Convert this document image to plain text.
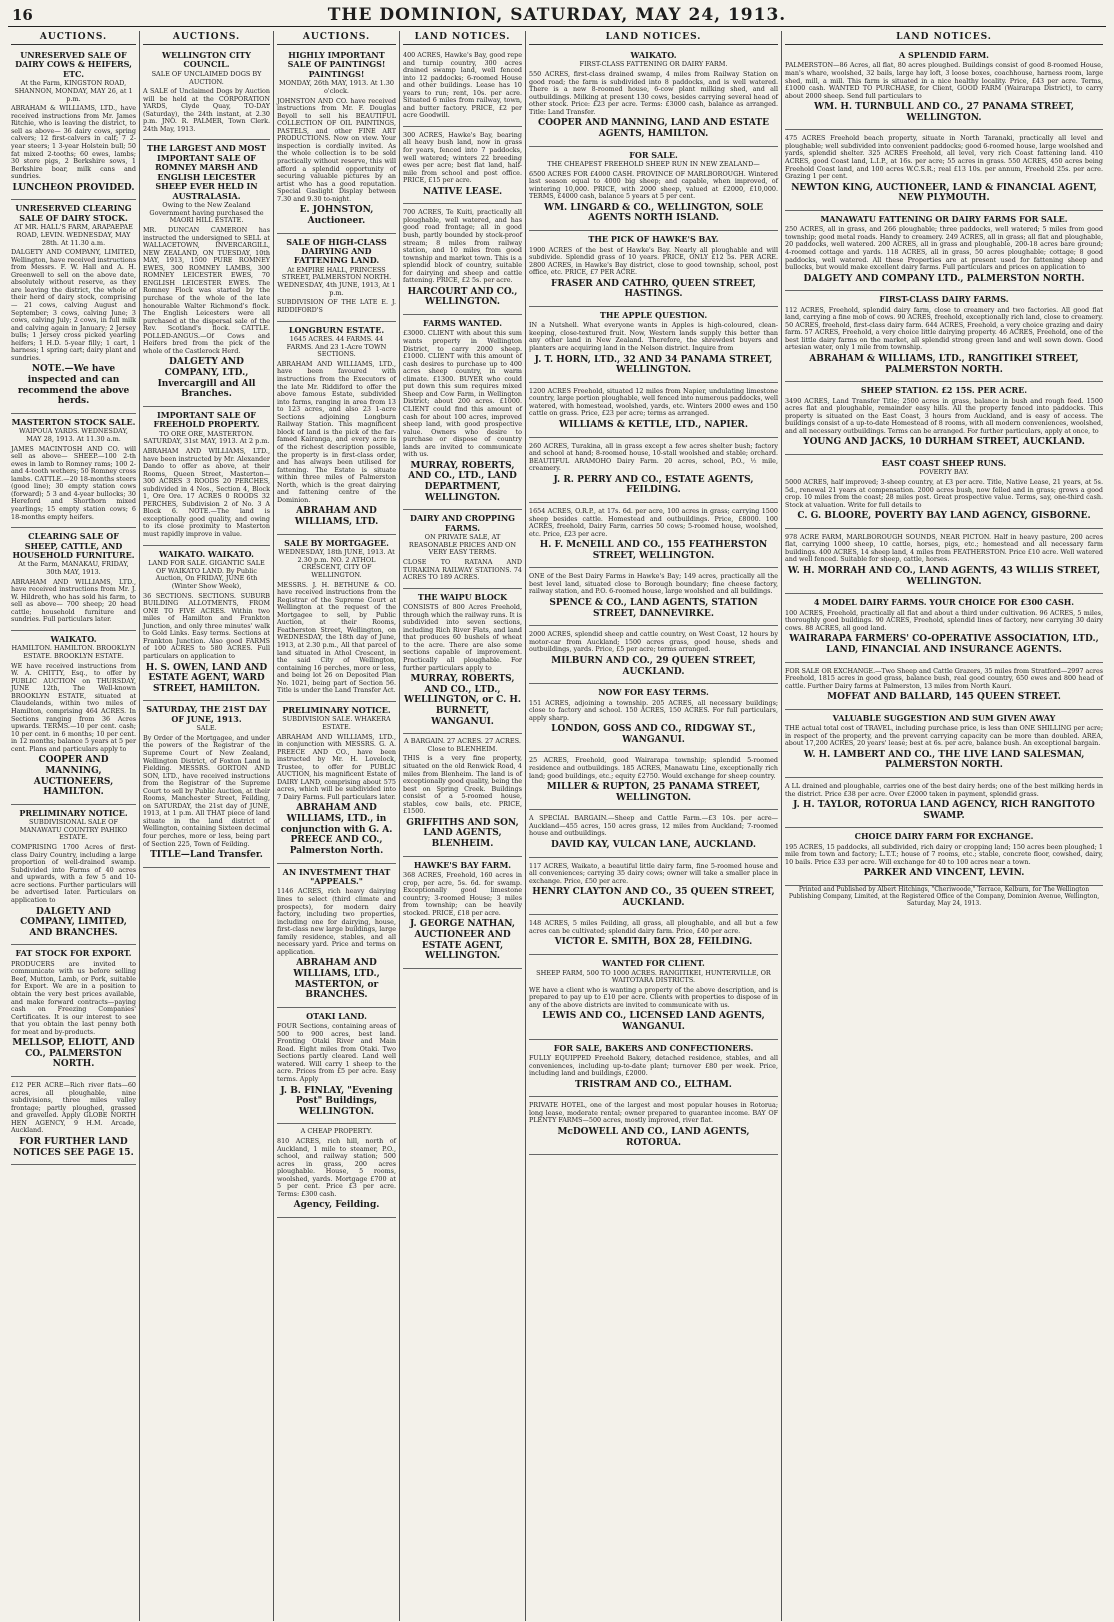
16	THE DOMINION, SATURDAY, MAY 24, 1913.
AUCTIONS.
UNRESERVED SALE OF DAIRY COWS & HEIFERS, ETC.
At the Farm, KINGSTON ROAD, SHANNON, MONDAY, MAY 26, at 1 p.m.
ABRAHAM & WILLIAMS, LTD., have received instructions from Mr. James Ritchie, who is leaving the district, to sell as above— 36 dairy cows, spring calvers; 12 first-calvers in calf; 7 2-year steers; 1 3-year Holstein bull; 50 fat mixed 2-tooths; 60 ewes, lambs; 30 store pigs, 2 Berkshire sows, 1 Berkshire boar, milk cans and sundries.
LUNCHEON PROVIDED.
UNRESERVED CLEARING SALE OF DAIRY STOCK.
AT MR. HALL'S FARM, ARAPAEPAE ROAD, LEVIN. WEDNESDAY, MAY 28th. At 11.30 a.m.
DALGETY AND COMPANY, LIMITED, Wellington, have received instructions from Messrs. F. W. Hall and A. H. Greenwell to sell on the above date, absolutely without reserve, as they are leaving the district, the whole of their herd of dairy stock, comprising— 21 cows, calving August and September; 3 cows, calving June; 3 cows, calving July; 2 cows, in full milk and calving again in January; 2 Jersey bulls; 1 Jersey cross picked yearling heifers; 1 H.D. 5-year filly; 1 cart, 1 harness; 1 spring cart; dairy plant and sundries.
NOTE.—We have inspected and can recommend the above herds.
MASTERTON STOCK SALE.
WAIPOUA YARDS. WEDNESDAY, MAY 28, 1913. At 11.30 a.m.
JAMES MACINTOSH AND CO. will sell as above— SHEEP.—100 2-th ewes in lamb to Romney rams; 100 2-and 4-tooth wethers; 50 Romney cross lambs. CATTLE.—20 18-months steers (good line); 30 empty station cows (forward); 5 3 and 4-year bullocks; 30 Hereford and Shorthorn mixed yearlings; 15 empty station cows; 6 18-months empty heifers.
CLEARING SALE OF SHEEP, CATTLE, AND HOUSEHOLD FURNITURE.
At the Farm, MANAKAU, FRIDAY, 30th MAY, 1913.
ABRAHAM AND WILLIAMS, LTD., have received instructions from Mr. J. W. Hildreth, who has sold his farm, to sell as above— 700 sheep; 20 head cattle; household furniture and sundries. Full particulars later.
WAIKATO.
HAMILTON. HAMILTON. BROOKLYN ESTATE. BROOKLYN ESTATE.
WE have received instructions from W. A. CHITTY, Esq., to offer by PUBLIC AUCTION on THURSDAY, JUNE 12th, The Well-known BROOKLYN ESTATE, situated at Claudelands, within two miles of Hamilton, comprising 464 ACRES. In Sections ranging from 36 Acres upwards. TERMS.—10 per cent. cash; 10 per cent. in 6 months; 10 per cent. in 12 months; balance 5 years at 5 per cent. Plans and particulars apply to
COOPER AND MANNING, AUCTIONEERS, HAMILTON.
PRELIMINARY NOTICE.
SUBDIVISIONAL SALE OF MANAWATU COUNTRY PAHIKO ESTATE.
COMPRISING 1700 Acres of first-class Dairy Country, including a large proportion of well-drained swamp. Subdivided into Farms of 40 acres and upwards, with a few 5 and 10-acre sections. Further particulars will be advertised later. Particulars on application to
DALGETY AND COMPANY, LIMITED, AND BRANCHES.
FAT STOCK FOR EXPORT.
PRODUCERS are invited to communicate with us before selling Beef, Mutton, Lamb, or Pork, suitable for Export. We are in a position to obtain the very best prices available, and make forward contracts—paying cash on Freezing Companies' Certificates. It is our interest to see that you obtain the last penny both for meat and by-products.
MELLSOP, ELIOTT, AND CO., PALMERSTON NORTH.
£12 PER ACRE—Rich river flats—60 acres, all ploughable, nine subdivisions, three miles valley frontage; partly ploughed, grassed and gravelled. Apply GLOBE NORTH HEN AGENCY, 9 H.M. Arcade, Auckland.
FOR FURTHER LAND NOTICES SEE PAGE 15.
AUCTIONS.
WELLINGTON CITY COUNCIL.
SALE OF UNCLAIMED DOGS BY AUCTION.
A SALE of Unclaimed Dogs by Auction will be held at the CORPORATION YARDS, Clyde Quay, TO-DAY (Saturday), the 24th instant, at 2.30 p.m. JNO. R. PALMER, Town Clerk. 24th May, 1913.
THE LARGEST AND MOST IMPORTANT SALE OF ROMNEY MARSH AND ENGLISH LEICESTER SHEEP EVER HELD IN AUSTRALASIA.
Owing to the New Zealand Government having purchased the MAORI HILL ESTATE.
MR. DUNCAN CAMERON has instructed the undersigned to SELL at WALLACETOWN, INVERCARGILL, NEW ZEALAND, ON TUESDAY, 10th MAY, 1913, 1500 PURE ROMNEY EWES, 300 ROMNEY LAMBS, 300 ROMNEY LEICESTER EWES, 70 ENGLISH LEICESTER EWES. The Romney Flock was started by the purchase of the whole of the late honourable Walter Richmond's flock. The English Leicesters were all purchased at the dispersal sale of the Rev. Scotland's flock. CATTLE. POLLED-ANGUS.—Of Cows and Heifers bred from the pick of the whole of the Castlerock Herd.
DALGETY AND COMPANY, LTD., Invercargill and All Branches.
IMPORTANT SALE OF FREEHOLD PROPERTY.
TO ORE ORE, MASTERTON. SATURDAY, 31st MAY, 1913. At 2 p.m.
ABRAHAM AND WILLIAMS, LTD., have been instructed by Mr. Alexander Dando to offer as above, at their Rooms, Queen Street, Masterton— 300 ACRES 3 ROODS 20 PERCHES, subdivided in 4 Nos., Section 4, Block 1, Ore Ore. 17 ACRES 0 ROODS 32 PERCHES, Subdivision 2 of No. 3 A Block 6. NOTE.—The land is exceptionally good quality, and owing to its close proximity to Masterton must rapidly improve in value.
WAIKATO. WAIKATO.
LAND FOR SALE. GIGANTIC SALE OF WAIKATO LAND. By Public Auction, On FRIDAY, JUNE 6th (Winter Show Week),
36 SECTIONS. SECTIONS. SUBURB BUILDING ALLOTMENTS, FROM ONE TO FIVE ACRES. Within two miles of Hamilton and Frankton Junction, and only three minutes' walk to Gold Links. Easy terms. Sections at Frankton Junction. Also good FARMS of 100 ACRES to 580 ACRES. Full particulars on application to
H. S. OWEN, LAND AND ESTATE AGENT, WARD STREET, HAMILTON.
SATURDAY, THE 21ST DAY OF JUNE, 1913.
SALE.
By Order of the Mortgagee, and under the powers of the Registrar of the Supreme Court of New Zealand, Wellington District, of Foxton Land in Fielding. MESSRS. GORTON AND SON, LTD., have received instructions from the Registrar of the Supreme Court to sell by Public Auction, at their Rooms, Manchester Street, Feilding, on SATURDAY, the 21st day of JUNE, 1913, at 1 p.m. All THAT piece of land situate in the land district of Wellington, containing Sixteen decimal four perches, more or less, being part of Section 225, Town of Feilding.
TITLE—Land Transfer.
AUCTIONS.
HIGHLY IMPORTANT SALE OF PAINTINGS! PAINTINGS!
MONDAY, 26th MAY, 1913. At 1.30 o'clock.
JOHNSTON AND CO. have received instructions from Mr. F. Douglas Beyoll to sell his BEAUTIFUL COLLECTION OF OIL PAINTINGS, PASTELS, and other FINE ART PRODUCTIONS. Now on view. Your inspection is cordially invited. As the whole collection is to be sold practically without reserve, this will afford a splendid opportunity of securing valuable pictures by an artist who has a good reputation. Special Gaslight Display between 7.30 and 9.30 to-night.
E. JOHNSTON, Auctioneer.
SALE OF HIGH-CLASS DAIRYING AND FATTENING LAND.
At EMPIRE HALL, PRINCESS STREET, PALMERSTON NORTH. WEDNESDAY, 4th JUNE, 1913, At 1 p.m.
SUBDIVISION OF THE LATE E. J. RIDDIFORD'S
LONGBURN ESTATE.
1645 ACRES. 44 FARMS. 44 FARMS. And 23 1-Acre TOWN SECTIONS.
ABRAHAM AND WILLIAMS, LTD., have been favoured with instructions from the Executors of the late Mr. Riddiford to offer the above famous Estate, subdivided into farms, ranging in area from 13 to 123 acres, and also 23 1-acre Sections adjoining Longburn Railway Station. This magnificent block of land is the pick of the far-famed Kairanga, and every acre is of the richest description possible, the property is in first-class order, and has always been utilised for fattening. The Estate is situate within three miles of Palmerston North, which is the great dairying and fattening centre of the Dominion.
ABRAHAM AND WILLIAMS, LTD.
SALE BY MORTGAGEE.
WEDNESDAY, 18th JUNE, 1913. At 2.30 p.m. NO. 2 ATHOL CRESCENT, CITY OF WELLINGTON.
MESSRS. J. H. BETHUNE & CO. have received instructions from the Registrar of the Supreme Court at Wellington at the request of the Mortgagee to sell, by Public Auction, at their Rooms, Featherston Street, Wellington, on WEDNESDAY, the 18th day of June, 1913, at 2.30 p.m., All that parcel of land situated in Athol Crescent, in the said City of Wellington, containing 16 perches, more or less, and being lot 26 on Deposited Plan No. 1021, being part of Section 56. Title is under the Land Transfer Act.
PRELIMINARY NOTICE.
SUBDIVISION SALE. WHAKERA ESTATE.
ABRAHAM AND WILLIAMS, LTD., in conjunction with MESSRS. G. A. PREECE AND CO., have been instructed by Mr. H. Lovelock, Trustee, to offer for PUBLIC AUCTION, his magnificent Estate of DAIRY LAND, comprising about 575 acres, which will be subdivided into 7 Dairy Farms. Full particulars later.
ABRAHAM AND WILLIAMS, LTD., in conjunction with G. A. PREECE AND CO., Palmerston North.
AN INVESTMENT THAT "APPEALS."
1146 ACRES, rich heavy dairying lines to select (third climate and prospects), for modern dairy factory, including two properties, including one for dairying, house, first-class new large buildings, large family residence, stables, and all necessary yard. Price and terms on application.
ABRAHAM AND WILLIAMS, LTD., MASTERTON, or BRANCHES.
OTAKI LAND.
FOUR Sections, containing areas of 500 to 900 acres, best land. Fronting Otaki River and Main Road. Eight miles from Otaki. Two Sections partly cleared. Land well watered. Will carry 1 sheep to the acre. Prices from £5 per acre. Easy terms. Apply
J. B. FINLAY, "Evening Post" Buildings, WELLINGTON.
A CHEAP PROPERTY.
810 ACRES, rich hill, north of Auckland, 1 mile to steamer, P.O., school, and railway station; 500 acres in grass, 200 acres ploughable. House, 5 rooms, woolshed, yards. Mortgage £700 at 5 per cent. Price £3 per acre. Terms: £300 cash.
Agency, Feilding.
LAND NOTICES.
400 ACRES, Hawke's Bay, good repe and turnip country, 300 acres drained swamp land, well fenced into 12 paddocks; 6-roomed House and other buildings. Lease has 10 years to run; rent, 10s. per acre. Situated 6 miles from railway, town, and butter factory. PRICE, £2 per acre Goodwill.
300 ACRES, Hawke's Bay, bearing all heavy bush land, now in grass for years, fenced into 7 paddocks, well watered; winters 22 breeding ewes per acre; best flat land, half-mile from school and post office. PRICE, £15 per acre.
NATIVE LEASE.
700 ACRES, Te Kuiti, practically all ploughable, well watered, and has good road frontage; all in good bush, partly bounded by stock-proof stream; 8 miles from railway station, and 10 miles from good township and market town. This is a splendid block of country, suitable for dairying and sheep and cattle fattening. PRICE, £2 5s. per acre.
HARCOURT AND CO., WELLINGTON.
FARMS WANTED.
£3000. CLIENT with about this sum wants property in Wellington District, to carry 2000 sheep. £1000. CLIENT with this amount of cash desires to purchase up to 400 acres sheep country, in warm climate. £1300. BUYER who could put down this sum requires mixed Sheep and Cow Farm, in Wellington District; about 200 acres. £1000. CLIENT could find this amount of cash for about 100 acres, improved sheep land, with good prospective value. Owners who desire to purchase or dispose of country lands are invited to communicate with us.
MURRAY, ROBERTS, AND CO., LTD., LAND DEPARTMENT, WELLINGTON.
DAIRY AND CROPPING FARMS.
ON PRIVATE SALE, AT REASONABLE PRICES AND ON VERY EASY TERMS.
CLOSE TO RATANA AND TURAKINA RAILWAY STATIONS. 74 ACRES TO 189 ACRES.
THE WAIPU BLOCK
CONSISTS of 800 Acres Freehold, through which the railway runs. It is subdivided into seven sections, including Rich River Flats, and land that produces 60 bushels of wheat to the acre. There are also some sections capable of improvement. Practically all ploughable. For further particulars apply to
MURRAY, ROBERTS, AND CO., LTD., WELLINGTON, or C. H. BURNETT, WANGANUI.
A BARGAIN. 27 ACRES. 27 ACRES. Close to BLENHEIM.
THIS is a very fine property, situated on the old Renwick Road, 4 miles from Blenheim. The land is of exceptionally good quality, being the best on Spring Creek. Buildings consist of a 5-roomed house, stables, cow bails, etc. PRICE, £1500.
GRIFFITHS AND SON, LAND AGENTS, BLENHEIM.
HAWKE'S BAY FARM.
368 ACRES, Freehold, 160 acres in crop, per acre, 5s. 6d. for swamp. Exceptionally good limestone country; 3-roomed House; 3 miles from township; can be heavily stocked. PRICE, £18 per acre.
J. GEORGE NATHAN, AUCTIONEER AND ESTATE AGENT, WELLINGTON.
LAND NOTICES.
WAIKATO.
FIRST-CLASS FATTENING OR DAIRY FARM.
550 ACRES, first-class drained swamp, 4 miles from Railway Station on good road; the farm is subdivided into 8 paddocks, and is well watered. There is a new 8-roomed house, 6-cow plant milking shed, and all outbuildings. Milking at present 130 cows, besides carrying several head of other stock. Price: £23 per acre. Terms: £3000 cash, balance as arranged. Title: Land Transfer.
COOPER AND MANNING, LAND AND ESTATE AGENTS, HAMILTON.
FOR SALE.
THE CHEAPEST FREEHOLD SHEEP RUN IN NEW ZEALAND—
6500 ACRES FOR £4000 CASH. PROVINCE OF MARLBOROUGH. Wintered last season equal to 4000 big sheep; and capable, when improved, of wintering 10,000. PRICE, with 2000 sheep, valued at £2000, £10,000. TERMS, £4000 cash, balance 5 years at 5 per cent.
WM. LINGARD & CO., WELLINGTON, SOLE AGENTS NORTH ISLAND.
THE PICK OF HAWKE'S BAY.
1900 ACRES of the best of Hawke's Bay. Nearly all ploughable and will subdivide. Splendid grass of 10 years. PRICE, ONLY £12 5s. PER ACRE. 2800 ACRES, in Hawke's Bay district, close to good township, school, post office, etc. PRICE, £7 PER ACRE.
FRASER AND CATHRO, QUEEN STREET, HASTINGS.
THE APPLE QUESTION.
IN a Nutshell. What everyone wants in Apples is high-coloured, clean-keeping, close-textured fruit. Now, Western lands supply this better than any other land in New Zealand. Therefore, the shrewdest buyers and planters are acquiring land in the Nelson district. Inquire from
J. T. HORN, LTD., 32 AND 34 PANAMA STREET, WELLINGTON.
1200 ACRES Freehold, situated 12 miles from Napier, undulating limestone country, large portion ploughable, well fenced into numerous paddocks, well watered, with homestead, woolshed, yards, etc. Winters 2000 ewes and 150 cattle on grass. Price, £23 per acre; terms as arranged.
WILLIAMS & KETTLE, LTD., NAPIER.
260 ACRES, Turakina, all in grass except a few acres shelter bush; factory and school at hand; 8-roomed house, 10-stall woolshed and stable; orchard. BEAUTIFUL ARAMOHO Dairy Farm. 20 acres, school, P.O., ½ mile, creamery.
J. R. PERRY AND CO., ESTATE AGENTS, FEILDING.
1654 ACRES, O.R.P., at 17s. 6d. per acre, 100 acres in grass; carrying 1500 sheep besides cattle. Homestead and outbuildings. Price, £8000. 100 ACRES, freehold, Dairy Farm, carries 50 cows; 5-roomed house, woolshed, etc. Price, £23 per acre.
H. F. McNEILL AND CO., 155 FEATHERSTON STREET, WELLINGTON.
ONE of the Best Dairy Farms in Hawke's Bay; 149 acres, practically all the best level land, situated close to Borough boundary; fine cheese factory, railway station, and P.O. 6-roomed house, large woolshed and all buildings.
SPENCE & CO., LAND AGENTS, STATION STREET, DANNEVIRKE.
2000 ACRES, splendid sheep and cattle country, on West Coast, 12 hours by motor-car from Auckland; 1500 acres grass, good house, sheds and outbuildings, yards. Price, £5 per acre; terms arranged.
MILBURN AND CO., 29 QUEEN STREET, AUCKLAND.
NOW FOR EASY TERMS.
151 ACRES, adjoining a township. 205 ACRES, all necessary buildings; close to factory and school. 150 ACRES, 150 ACRES. For full particulars, apply sharp.
LONDON, GOSS AND CO., RIDGWAY ST., WANGANUI.
25 ACRES, Freehold, good Wairarapa township; splendid 5-roomed residence and outbuildings. 185 ACRES, Manawatu Line, exceptionally rich land; good buildings, etc.; equity £2750. Would exchange for sheep country.
MILLER & RUPTON, 25 PANAMA STREET, WELLINGTON.
A SPECIAL BARGAIN.—Sheep and Cattle Farm.—£3 10s. per acre—Auckland—455 acres, 150 acres grass, 12 miles from Auckland; 7-roomed house and outbuildings.
DAVID KAY, VULCAN LANE, AUCKLAND.
117 ACRES, Waikato, a beautiful little dairy farm, fine 5-roomed house and all conveniences; carrying 35 dairy cows; owner will take a smaller place in exchange. Price, £50 per acre.
HENRY CLAYTON AND CO., 35 QUEEN STREET, AUCKLAND.
148 ACRES, 5 miles Feilding, all grass, all ploughable, and all but a few acres can be cultivated; splendid dairy farm. Price, £40 per acre.
VICTOR E. SMITH, BOX 28, FEILDING.
WANTED FOR CLIENT.
SHEEP FARM, 500 TO 1000 ACRES. RANGITIKEI, HUNTERVILLE, OR WAITOTARA DISTRICTS.
WE have a client who is wanting a property of the above description, and is prepared to pay up to £10 per acre. Clients with properties to dispose of in any of the above districts are invited to communicate with us.
LEWIS AND CO., LICENSED LAND AGENTS, WANGANUI.
FOR SALE, BAKERS AND CONFECTIONERS.
FULLY EQUIPPED Freehold Bakery, detached residence, stables, and all conveniences, including up-to-date plant; turnover £80 per week. Price, including land and buildings, £2000.
TRISTRAM AND CO., ELTHAM.
PRIVATE HOTEL, one of the largest and most popular houses in Rotorua; long lease, moderate rental; owner prepared to guarantee income. BAY OF PLENTY FARMS—500 acres, mostly improved, river flat.
McDOWELL AND CO., LAND AGENTS, ROTORUA.
LAND NOTICES.
A SPLENDID FARM.
PALMERSTON—86 Acres, all flat, 80 acres ploughed. Buildings consist of good 8-roomed House, man's whare, woolshed, 32 bails, large hay loft, 3 loose boxes, coachhouse, harness room, large shed, mill, a mill. This farm is situated in a nice healthy locality. Price, £43 per acre. Terms, £1000 cash. WANTED TO PURCHASE, for Client, GOOD FARM (Wairarapa District), to carry about 2000 sheep. Send full particulars to
WM. H. TURNBULL AND CO., 27 PANAMA STREET, WELLINGTON.
475 ACRES Freehold beach property, situate in North Taranaki, practically all level and ploughable; well subdivided into convenient paddocks; good 6-roomed house, large woolshed and yards, splendid shelter. 325 ACRES Freehold, all level, very rich Coast fattening land. 410 ACRES, good Coast land, L.I.P., at 16s. per acre; 55 acres in grass. 550 ACRES, 450 acres being Freehold Coast land, and 100 acres W.C.S.R.; real £13 10s. per annum, Freehold 25s. per acre. Grazing 1 per cent.
NEWTON KING, AUCTIONEER, LAND & FINANCIAL AGENT, NEW PLYMOUTH.
MANAWATU FATTENING OR DAIRY FARMS FOR SALE.
250 ACRES, all in grass, and 266 ploughable; three paddocks, well watered; 5 miles from good township; good metal roads. Handy to creamery. 249 ACRES, all in grass; all flat and ploughable, 20 paddocks, well watered. 200 ACRES, all in grass and ploughable, 200-18 acres bare ground; 4-roomed cottage and yards. 118 ACRES, all in grass, 50 acres ploughable; cottage; 8 good paddocks, well watered. All these Properties are at present used for fattening sheep and bullocks, but would make excellent dairy farms. Full particulars and prices on application to
DALGETY AND COMPANY LTD., PALMERSTON NORTH.
FIRST-CLASS DAIRY FARMS.
112 ACRES, Freehold, splendid dairy farm, close to creamery and two factories. All good flat land, carrying a fine mob of cows. 90 ACRES, freehold, exceptionally rich land, close to creamery. 50 ACRES, freehold, first-class dairy farm. 644 ACRES, Freehold, a very choice grazing and dairy farm. 57 ACRES, Freehold, a very choice little dairying property. 46 ACRES, Freehold, one of the best little dairy farms on the market, all splendid strong green land and well sown down. Good artesian water, only 1 mile from township.
ABRAHAM & WILLIAMS, LTD., RANGITIKEI STREET, PALMERSTON NORTH.
SHEEP STATION. £2 15S. PER ACRE.
3490 ACRES, Land Transfer Title; 2500 acres in grass, balance in bush and rough feed. 1500 acres flat and ploughable, remainder easy hills. All the property fenced into paddocks. This property is situated on the East Coast, 3 hours from Auckland, and is easy of access. The buildings consist of a up-to-date Homestead of 8 rooms, with all modern conveniences, woolshed, and all necessary outbuildings. Terms can be arranged. For further particulars, apply at once, to
YOUNG AND JACKS, 10 DURHAM STREET, AUCKLAND.
EAST COAST SHEEP RUNS.
POVERTY BAY.
5000 ACRES, half improved; 3-sheep country, at £3 per acre. Title, Native Lease, 21 years, at 5s. 5d., renewal 21 years at compensation. 2000 acres bush, now felled and in grass; grows a good crop. 10 miles from the coast; 28 miles post. Great prospective value. Terms, say, one-third cash. Stock at valuation. Write for full details to
C. G. BLOORE, POVERTY BAY LAND AGENCY, GISBORNE.
978 ACRE FARM, MARLBOROUGH SOUNDS, NEAR PICTON. Half in heavy pasture, 200 acres flat, carrying 1000 sheep, 10 cattle, horses, pigs, etc.; homestead and all necessary farm buildings. 400 ACRES, 14 sheep land, 4 miles from FEATHERSTON. Price £10 acre. Well watered and well fenced. Suitable for sheep, cattle, horses.
W. H. MORRAH AND CO., LAND AGENTS, 43 WILLIS STREET, WELLINGTON.
4 MODEL DAIRY FARMS. YOUR CHOICE FOR £300 CASH.
100 ACRES, Freehold, practically all flat and about a third under cultivation. 96 ACRES, 5 miles, thoroughly good buildings. 90 ACRES, Freehold, splendid lines of factory, new carrying 30 dairy cows. 88 ACRES, all good land.
WAIRARAPA FARMERS' CO-OPERATIVE ASSOCIATION, LTD., LAND, FINANCIAL AND INSURANCE AGENTS.
FOR SALE OR EXCHANGE.—Two Sheep and Cattle Grazers, 35 miles from Stratford—2997 acres Freehold, 1815 acres in good grass, balance bush, real good country, 650 ewes and 800 head of cattle. Further Dairy farms at Palmerston, 13 miles from North Kauri.
MOFFAT AND BALLARD, 145 QUEEN STREET.
VALUABLE SUGGESTION AND SUM GIVEN AWAY
THE actual total cost of TRAVEL, including purchase price, is less than ONE SHILLING per acre; in respect of the property, and the prevent carrying capacity can be more than doubled. AREA, about 17,200 ACRES, 20 years' lease; best at 6s. per acre, balance bush. An exceptional bargain.
W. H. LAMBERT AND CO., THE LIVE LAND SALESMAN, PALMERSTON NORTH.
A LL drained and ploughable, carries one of the best dairy herds; one of the best milking herds in the district. Price £38 per acre. Over £2000 taken in payment, splendid grass.
J. H. TAYLOR, ROTORUA LAND AGENCY, RICH RANGITOTO SWAMP.
CHOICE DAIRY FARM FOR EXCHANGE.
195 ACRES, 15 paddocks, all subdivided, rich dairy or cropping land; 150 acres been ploughed; 1 mile from town and factory; L.T.T.; house of 7 rooms, etc.; stable, concrete floor, cowshed, dairy, 10 bails. Price £33 per acre. Will exchange for 40 to 100 acres near a town.
PARKER AND VINCENT, LEVIN.
Printed and Published by Albert Hitchings, "Cheriwoode," Terrace, Kelburn, for The Wellington Publishing Company, Limited, at the Registered Office of the Company, Dominion Avenue, Wellington, Saturday, May 24, 1913.
